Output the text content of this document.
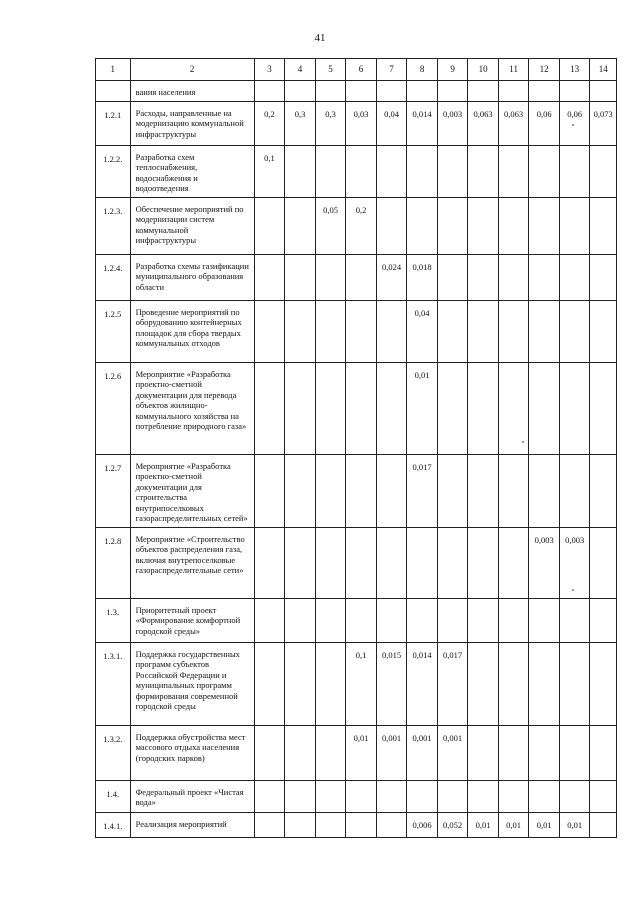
41
1	2	3	4	5	6	7	8	9	10	11	12	13	14
	вания населения												
1.2.1	Расходы, направленные на модернизацию коммунальной инфраструктуры	0,2	0,3	0,3	0,03	0,04	0,014	0,003	0,063	0,063	0,06	0,06	0,073
1.2.2.	Разработка схем теплоснабжения, водоснабжения и водоотведения	0,1											
1.2.3.	Обеспечение мероприятий по модернизации систем коммунальной инфраструктуры			0,05	0,2								
1.2.4.	Разработка схемы газификации муниципального образования области					0,024	0,018						
1.2.5	Проведение мероприятий по оборудованию контейнерных площадок для сбора твердых коммунальных отходов						0,04						
1.2.6	Мероприятие «Разработка проектно-сметной документации для перевода объектов жилищно-коммунального хозяйства на потребление природного газа»						0,01						
1.2.7	Мероприятие «Разработка проектно-сметной документации для строительства внутрипоселковых газораспределительных сетей»						0,017						
1.2.8	Мероприятие «Строительство объектов распределения газа, включая внутрепоселковые газораспределительные сети»										0,003	0,003	
1.3.	Приоритетный проект «Формирование комфортной городской среды»												
1.3.1.	Поддержка государственных программ субъектов Российской Федерации и муниципальных программ формирования современной городской среды				0,1	0,015	0,014	0,017					
1.3.2.	Поддержка обустройства мест массового отдыха населения (городских парков)				0,01	0,001	0,001	0,001					
1.4.	Федеральный проект «Чистая вода»												
1.4.1.	Реализация мероприятий						0,006	0,052	0,01	0,01	0,01	0,01	
